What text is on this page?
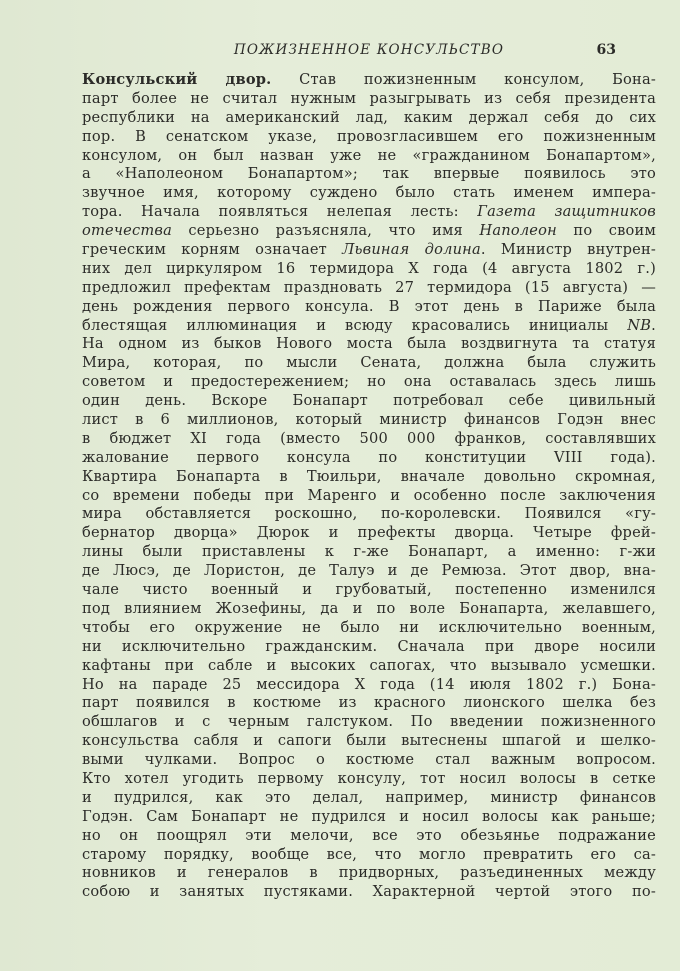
ПОЖИЗНЕННОЕ КОНСУЛЬСТВО	63
Консульский двор. Став пожизненным консулом, Бона-
парт более не считал нужным разыгрывать из себя президента
республики на американский лад, каким держал себя до сих
пор. В сенатском указе, провозгласившем его пожизненным
консулом, он был назван уже не «гражданином Бонапартом»,
а «Наполеоном Бонапартом»; так впервые появилось это
звучное имя, которому суждено было стать именем импера-
тора. Начала появляться нелепая лесть: Газета защитников
отечества серьезно разъясняла, что имя Наполеон по своим
греческим корням означает Львиная долина. Министр внутрен-
них дел циркуляром 16 термидора X года (4 августа 1802 г.)
предложил префектам праздновать 27 термидора (15 августа) —
день рождения первого консула. В этот день в Париже была
блестящая иллюминация и всюду красовались инициалы NB.
На одном из быков Нового моста была воздвигнута та статуя
Мира, которая, по мысли Сената, должна была служить
советом и предостережением; но она оставалась здесь лишь
один день. Вскоре Бонапарт потребовал себе цивильный
лист в 6 миллионов, который министр финансов Годэн внес
в бюджет XI года (вместо 500 000 франков, составлявших
жалование первого консула по конституции VIII года).
Квартира Бонапарта в Тюильри, вначале довольно скромная,
со времени победы при Маренго и особенно после заключения
мира обставляется роскошно, по-королевски. Появился «гу-
бернатор дворца» Дюрок и префекты дворца. Четыре фрей-
лины были приставлены к г-же Бонапарт, а именно: г-жи
де Люсэ, де Лористон, де Талуэ и де Ремюза. Этот двор, вна-
чале чисто военный и грубоватый, постепенно изменился
под влиянием Жозефины, да и по воле Бонапарта, желавшего,
чтобы его окружение не было ни исключительно военным,
ни исключительно гражданским. Сначала при дворе носили
кафтаны при сабле и высоких сапогах, что вызывало усмешки.
Но на параде 25 мессидора X года (14 июля 1802 г.) Бона-
парт появился в костюме из красного лионского шелка без
обшлагов и с черным галстуком. По введении пожизненного
консульства сабля и сапоги были вытеснены шпагой и шелко-
выми чулками. Вопрос о костюме стал важным вопросом.
Кто хотел угодить первому консулу, тот носил волосы в сетке
и пудрился, как это делал, например, министр финансов
Годэн. Сам Бонапарт не пудрился и носил волосы как раньше;
но он поощрял эти мелочи, все это обезьянье подражание
старому порядку, вообще все, что могло превратить его са-
новников и генералов в придворных, разъединенных между
собою и занятых пустяками. Характерной чертой этого по-
